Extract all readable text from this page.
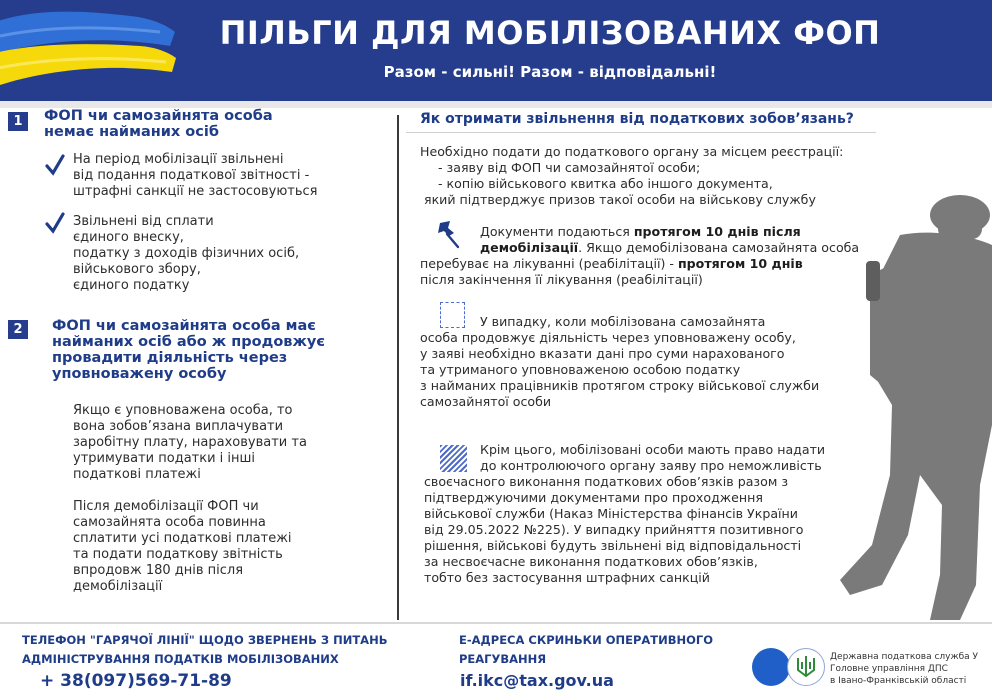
ПІЛЬГИ ДЛЯ МОБІЛІЗОВАНИХ ФОП
Разом - сильні! Разом - відповідальні!
1	ФОП чи самозайнята особа
немає найманих осіб
На період мобілізації звільнені
від подання податкової звітності -
штрафні санкції не застосовуються
Звільнені від сплати
єдиного внеску,
податку з доходів фізичних осіб,
військового збору,
єдиного податку
2	ФОП чи самозайнята особа має
найманих осіб або ж продовжує
провадити діяльність через
уповноважену особу
Якщо є уповноважена особа, то
вона зобов’язана виплачувати
заробітну плату, нараховувати та
утримувати податки і інші
податкові платежі
Після демобілізації ФОП чи
самозайнята особа повинна
сплатити усі податкові платежі
та подати податкову звітність
впродовж 180 днів після
демобілізації
Як отримати звільнення від податкових зобов’язань?
Необхідно подати до податкового органу за місцем реєстрації:
- заяву від ФОП чи самозайнятої особи;
- копію військового квитка або іншого документа,
який підтверджує призов такої особи на військову службу
Документи подаються протягом 10 днів після
демобілізації. Якщо демобілізована самозайнята особа
перебуває на лікуванні (реабілітації) - протягом 10 днів
після закінчення її лікування (реабілітації)
У випадку, коли мобілізована самозайнята
особа продовжує діяльність через уповноважену особу,
у заяві необхідно вказати дані про суми нарахованого
та утриманого уповноваженою особою податку
з найманих працівників протягом строку військової служби
самозайнятої особи
Крім цього, мобілізовані особи мають право надати
до контролюючого органу заяву про неможливість
своєчасного виконання податкових обов’язків разом з
підтверджуючими документами про проходження
військової служби (Наказ Міністерства фінансів України
від 29.05.2022 №225). У випадку прийняття позитивного
рішення, військові будуть звільнені від відповідальності
за несвоєчасне виконання податкових обов’язків,
тобто без застосування штрафних санкцій
ТЕЛЕФОН "ГАРЯЧОЇ ЛІНІЇ" ЩОДО ЗВЕРНЕНЬ З ПИТАНЬ
АДМІНІСТРУВАННЯ ПОДАТКІВ МОБІЛІЗОВАНИХ
+ 38(097)569-71-89
Е-АДРЕСА СКРИНЬКИ ОПЕРАТИВНОГО
РЕАГУВАННЯ
if.ikc@tax.gov.ua
Державна податкова служба У
Головне управління ДПС
в Івано-Франківській області
